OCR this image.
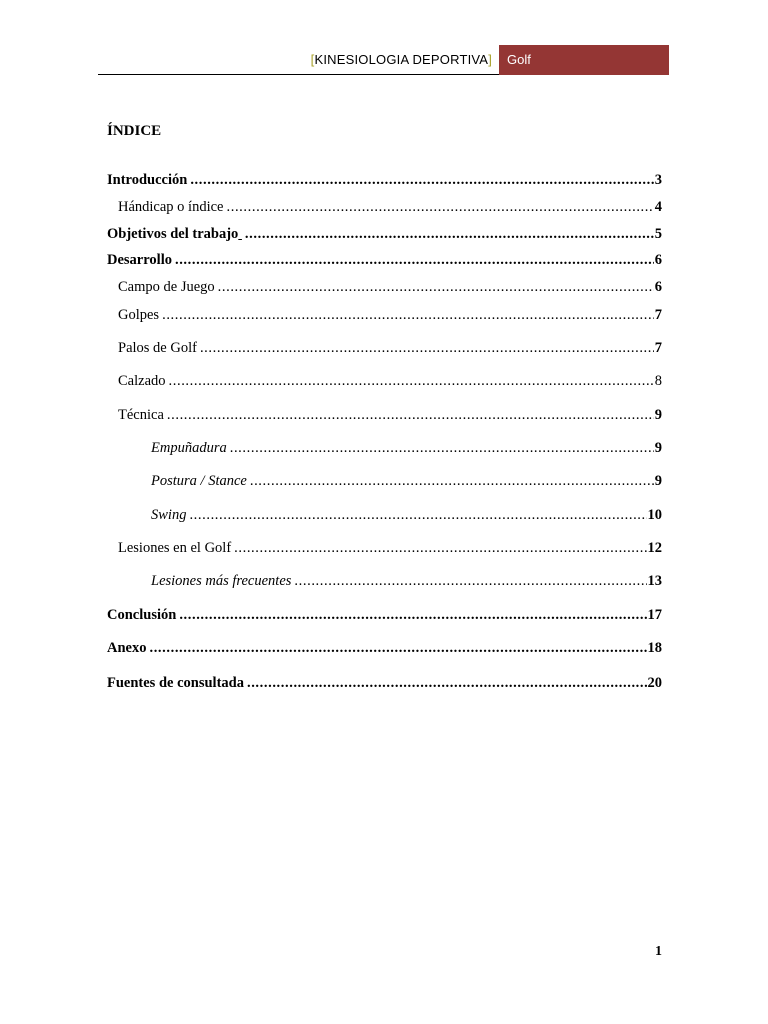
[KINESIOLOGIA DEPORTIVA] Golf
ÍNDICE
Introducción .....	3
Hándicap o índice .....	4
Objetivos del trabajo ​ .....	5
Desarrollo .....	6
Campo de Juego .....	6
Golpes .....	7
Palos de Golf .....	7
Calzado .....	8
Técnica .....	9
Empuñadura .....	9
Postura / Stance .....	9
Swing .....	10
Lesiones en el Golf .....	12
Lesiones más frecuentes .....	13
Conclusión .....	17
Anexo .....	18
Fuentes de consultada .....	20
1
